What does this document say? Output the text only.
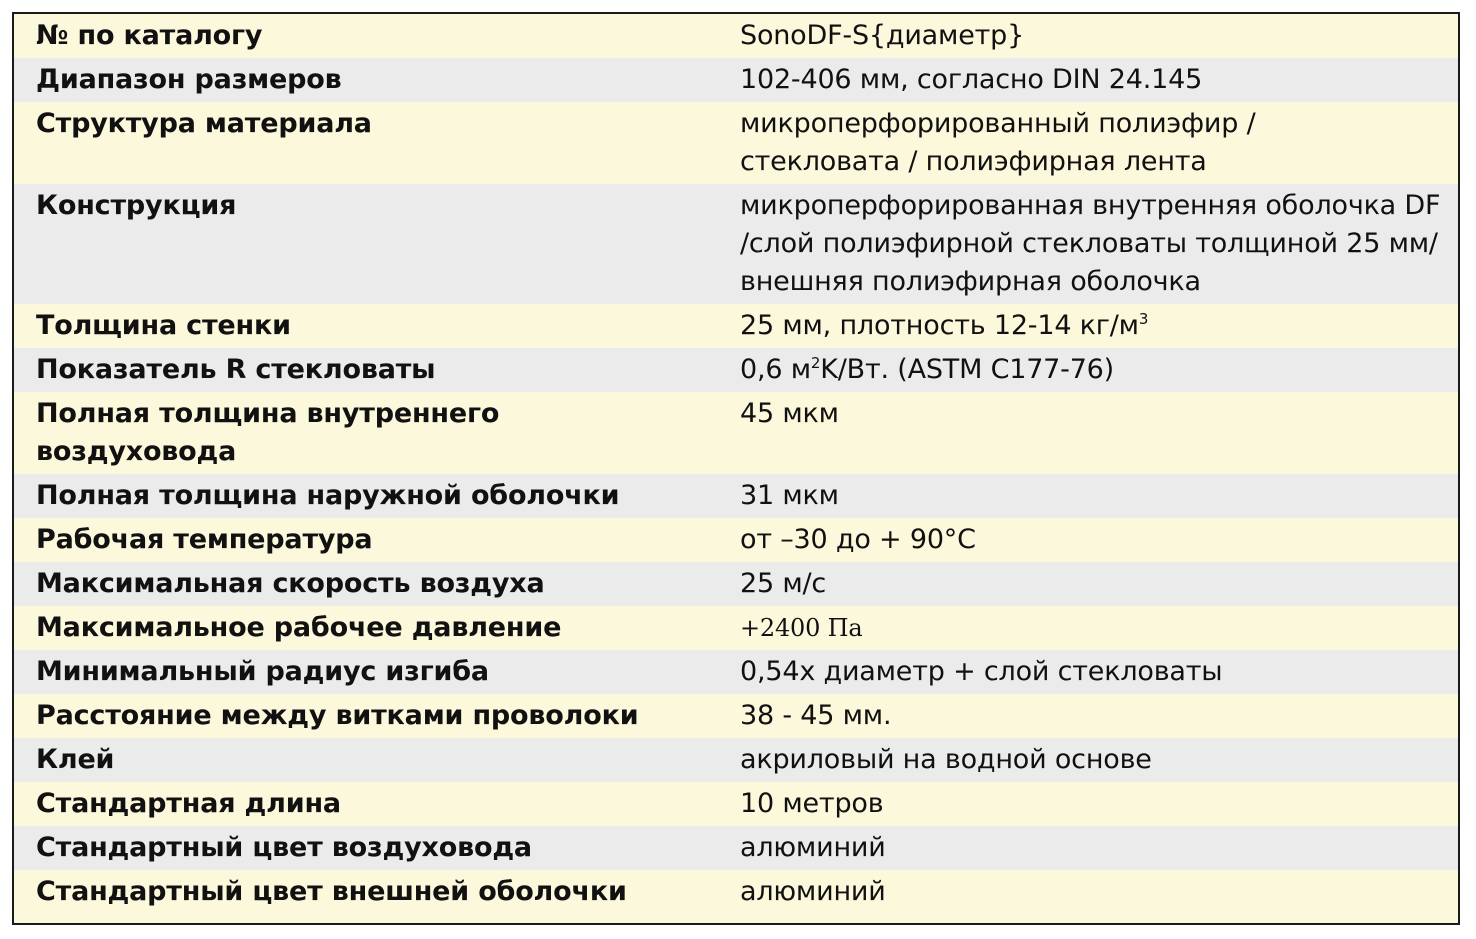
№ по каталогу	SonoDF-S{диаметр}
Диапазон размеров	102-406 мм, согласно DIN 24.145
Структура материала	микроперфорированный полиэфир /
стекловата / полиэфирная лента

Конструкция	микроперфорированная внутренняя оболочка DF
/слой полиэфирной стекловаты толщиной 25 мм/
внешняя полиэфирная оболочка

Толщина стенки	25 мм, плотность 12-14 $кг/м^3$
Показатель R стекловаты	0,6 $м^2K/Вт$. (ASTM C177-76)

Полная толщина внутреннего
воздуховода	45 мкм
Полная толщина наружной оболочки	31 мкм
Рабочая температура	от –30 до + 90°C
Максимальная скорость воздуха	25 м/с
Максимальное рабочее давление	+2400 Па
Минимальный радиус изгиба	0,54х диаметр + слой стекловаты
Расстояние между витками проволоки	38 - 45 мм.
Клей	акриловый на водной основе
Стандартная длина	10 метров
Стандартный цвет воздуховода	алюминий
Стандартный цвет внешней оболочки	алюминий
